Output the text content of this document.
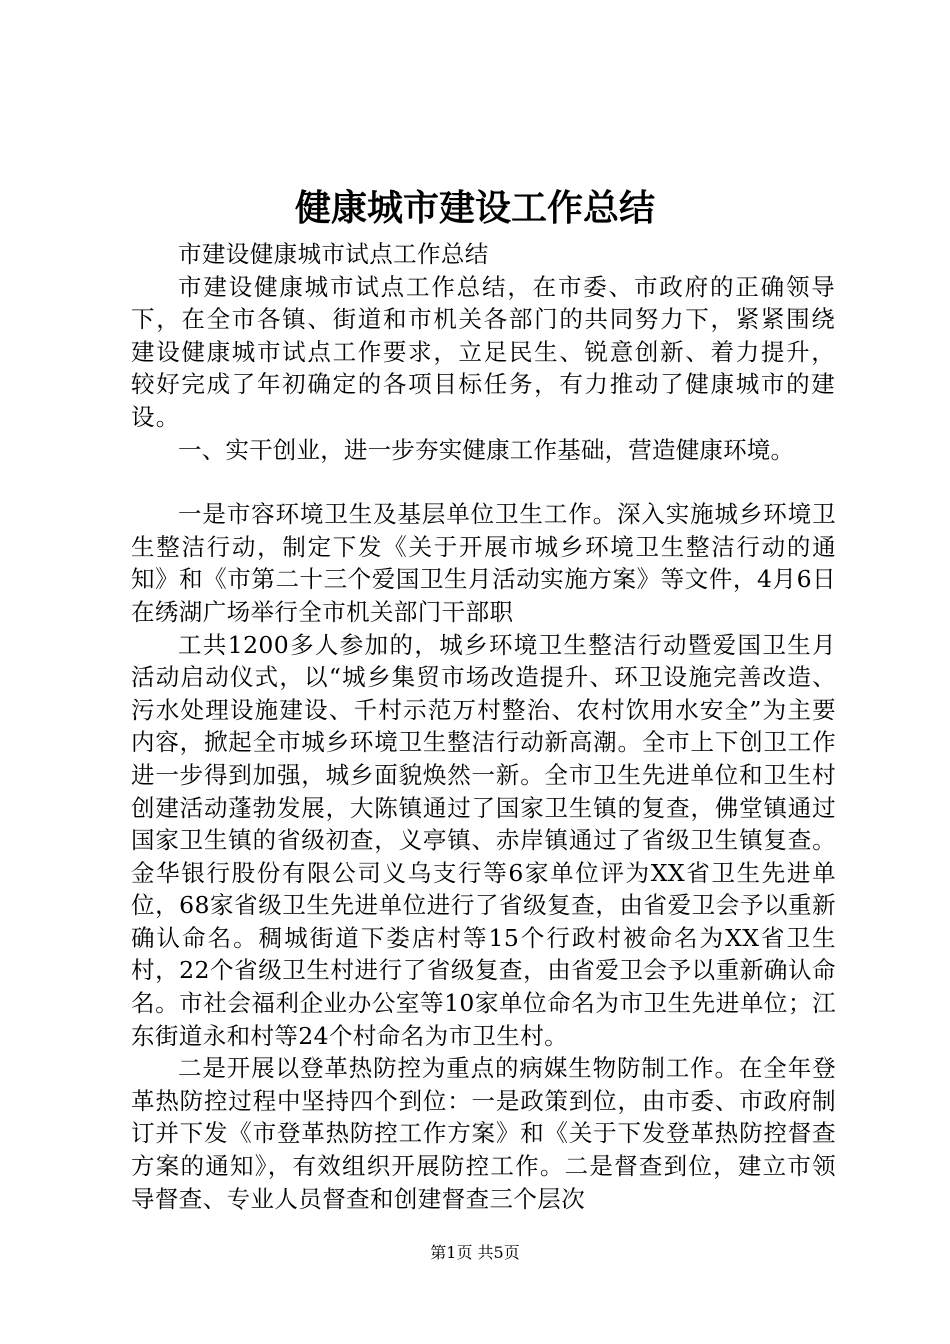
健康城市建设工作总结

市建设健康城市试点工作总结

市建设健康城市试点工作总结，在市委、市政府的正确领导下，在全市各镇、街道和市机关各部门的共同努力下，紧紧围绕建设健康城市试点工作要求，立足民生、锐意创新、着力提升，较好完成了年初确定的各项目标任务，有力推动了健康城市的建设。

一、实干创业，进一步夯实健康工作基础，营造健康环境。

一是市容环境卫生及基层单位卫生工作。深入实施城乡环境卫生整洁行动，制定下发《关于开展市城乡环境卫生整洁行动的通知》和《市第二十三个爱国卫生月活动实施方案》等文件，4月6日在绣湖广场举行全市机关部门干部职

工共1200多人参加的，城乡环境卫生整洁行动暨爱国卫生月活动启动仪式，以“城乡集贸市场改造提升、环卫设施完善改造、污水处理设施建设、千村示范万村整治、农村饮用水安全”为主要内容，掀起全市城乡环境卫生整洁行动新高潮。全市上下创卫工作进一步得到加强，城乡面貌焕然一新。全市卫生先进单位和卫生村创建活动蓬勃发展，大陈镇通过了国家卫生镇的复查，佛堂镇通过国家卫生镇的省级初查，义亭镇、赤岸镇通过了省级卫生镇复查。金华银行股份有限公司义乌支行等6家单位评为XX省卫生先进单位，68家省级卫生先进单位进行了省级复查，由省爱卫会予以重新确认命名。稠城街道下娄店村等15个行政村被命名为XX省卫生村，22个省级卫生村进行了省级复查，由省爱卫会予以重新确认命名。市社会福利企业办公室等10家单位命名为市卫生先进单位；江东街道永和村等24个村命名为市卫生村。

二是开展以登革热防控为重点的病媒生物防制工作。在全年登革热防控过程中坚持四个到位：一是政策到位，由市委、市政府制订并下发《市登革热防控工作方案》和《关于下发登革热防控督查方案的通知》，有效组织开展防控工作。二是督查到位，建立市领导督查、专业人员督查和创建督查三个层次

第1页 共5页
